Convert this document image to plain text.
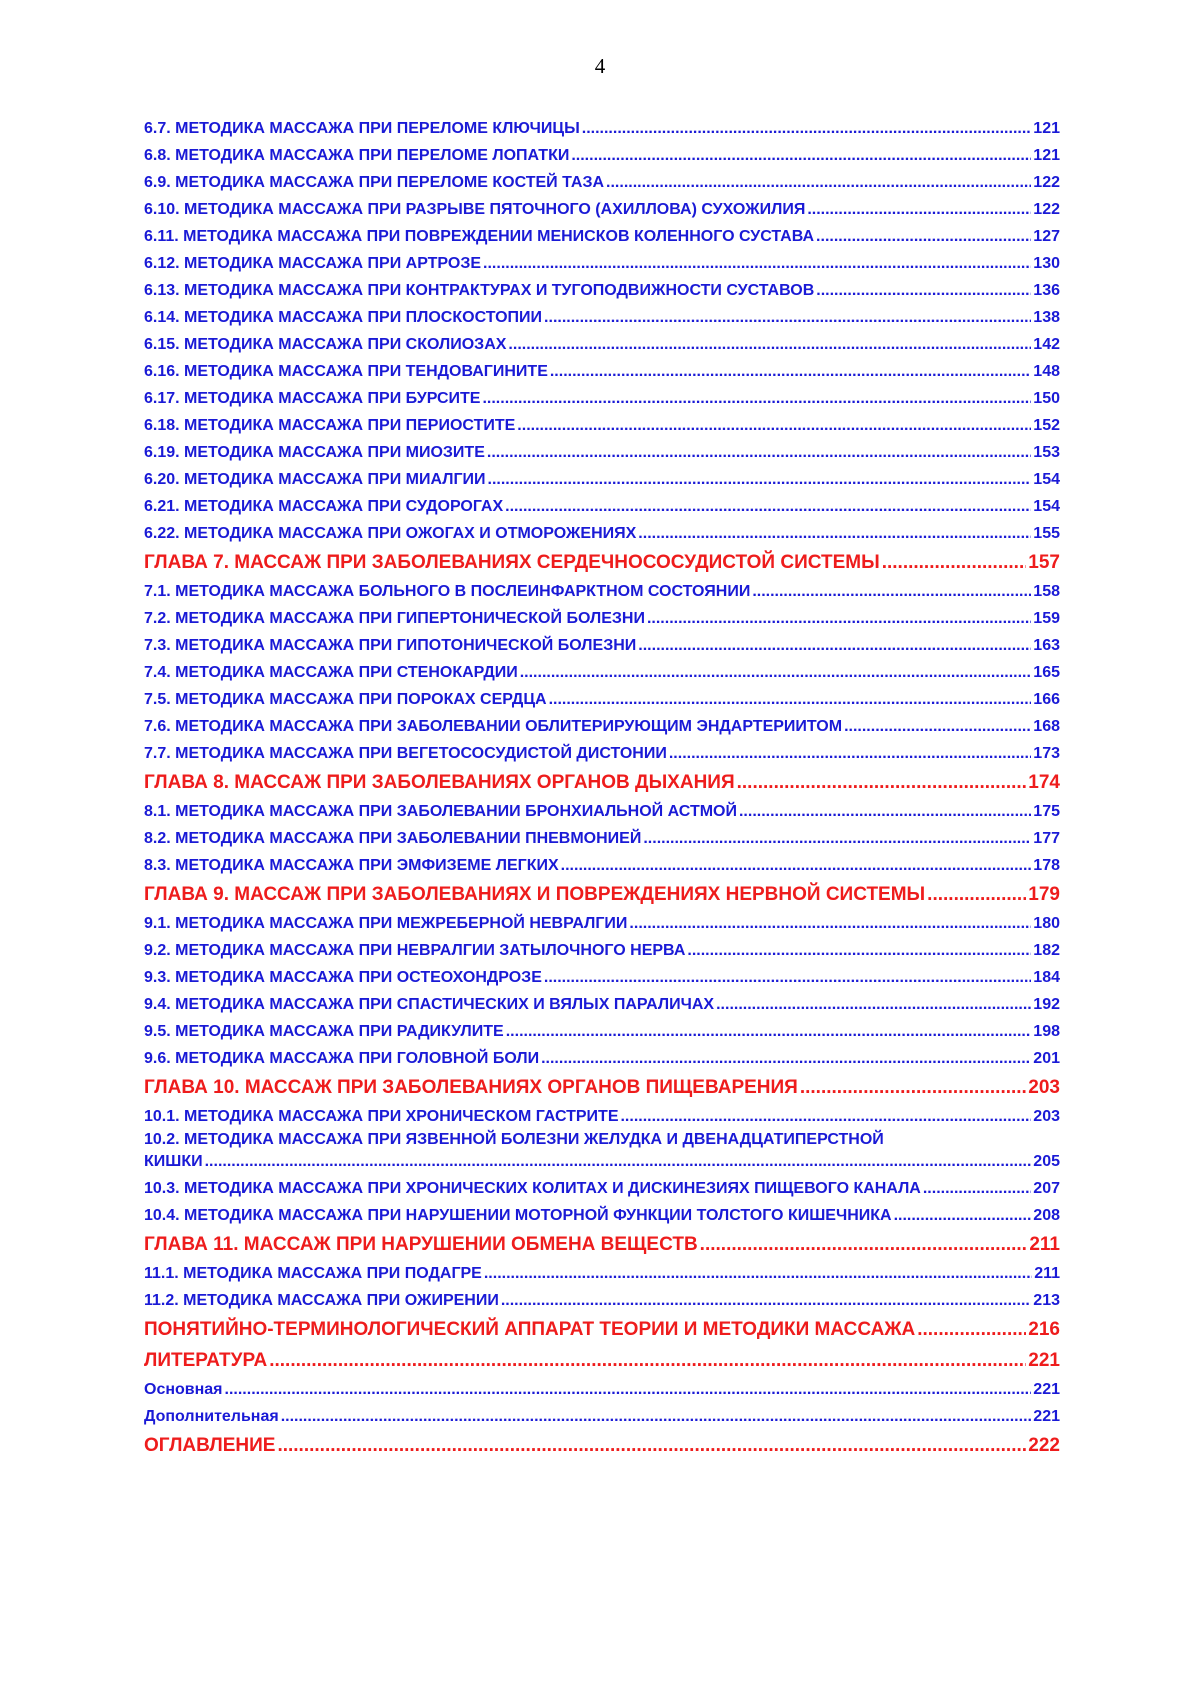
4
6.7. МЕТОДИКА МАССАЖА ПРИ ПЕРЕЛОМЕ КЛЮЧИЦЫ .....	121
6.8. МЕТОДИКА МАССАЖА ПРИ ПЕРЕЛОМЕ ЛОПАТКИ .....	121
6.9. МЕТОДИКА МАССАЖА ПРИ ПЕРЕЛОМЕ КОСТЕЙ ТАЗА .....	122
6.10. МЕТОДИКА МАССАЖА ПРИ РАЗРЫВЕ ПЯТОЧНОГО (АХИЛЛОВА) СУХОЖИЛИЯ .....	122
6.11. МЕТОДИКА МАССАЖА ПРИ ПОВРЕЖДЕНИИ МЕНИСКОВ КОЛЕННОГО СУСТАВА .....	127
6.12. МЕТОДИКА МАССАЖА ПРИ АРТРОЗЕ .....	130
6.13. МЕТОДИКА МАССАЖА ПРИ КОНТРАКТУРАХ И ТУГОПОДВИЖНОСТИ СУСТАВОВ .....	136
6.14. МЕТОДИКА МАССАЖА ПРИ ПЛОСКОСТОПИИ .....	138
6.15. МЕТОДИКА МАССАЖА ПРИ СКОЛИОЗАХ .....	142
6.16. МЕТОДИКА МАССАЖА ПРИ ТЕНДОВАГИНИТЕ .....	148
6.17. МЕТОДИКА МАССАЖА ПРИ БУРСИТЕ .....	150
6.18. МЕТОДИКА МАССАЖА ПРИ ПЕРИОСТИТЕ .....	152
6.19. МЕТОДИКА МАССАЖА ПРИ МИОЗИТЕ .....	153
6.20. МЕТОДИКА МАССАЖА ПРИ МИАЛГИИ .....	154
6.21. МЕТОДИКА МАССАЖА ПРИ СУДОРОГАХ .....	154
6.22. МЕТОДИКА МАССАЖА ПРИ ОЖОГАХ И ОТМОРОЖЕНИЯХ .....	155
ГЛАВА 7. МАССАЖ ПРИ ЗАБОЛЕВАНИЯХ СЕРДЕЧНОСОСУДИСТОЙ СИСТЕМЫ .....	157
7.1. МЕТОДИКА МАССАЖА БОЛЬНОГО В ПОСЛЕИНФАРКТНОМ СОСТОЯНИИ .....	158
7.2. МЕТОДИКА МАССАЖА ПРИ ГИПЕРТОНИЧЕСКОЙ БОЛЕЗНИ .....	159
7.3. МЕТОДИКА МАССАЖА ПРИ ГИПОТОНИЧЕСКОЙ БОЛЕЗНИ .....	163
7.4. МЕТОДИКА МАССАЖА ПРИ СТЕНОКАРДИИ .....	165
7.5. МЕТОДИКА МАССАЖА ПРИ ПОРОКАХ СЕРДЦА .....	166
7.6. МЕТОДИКА МАССАЖА ПРИ ЗАБОЛЕВАНИИ ОБЛИТЕРИРУЮЩИМ ЭНДАРТЕРИИТОМ .....	168
7.7. МЕТОДИКА МАССАЖА ПРИ ВЕГЕТОСОСУДИСТОЙ ДИСТОНИИ .....	173
ГЛАВА 8. МАССАЖ ПРИ ЗАБОЛЕВАНИЯХ ОРГАНОВ ДЫХАНИЯ .....	174
8.1. МЕТОДИКА МАССАЖА ПРИ ЗАБОЛЕВАНИИ БРОНХИАЛЬНОЙ АСТМОЙ .....	175
8.2. МЕТОДИКА МАССАЖА ПРИ ЗАБОЛЕВАНИИ ПНЕВМОНИЕЙ .....	177
8.3. МЕТОДИКА МАССАЖА ПРИ ЭМФИЗЕМЕ ЛЕГКИХ .....	178
ГЛАВА 9. МАССАЖ ПРИ ЗАБОЛЕВАНИЯХ И ПОВРЕЖДЕНИЯХ НЕРВНОЙ СИСТЕМЫ .....	179
9.1. МЕТОДИКА МАССАЖА ПРИ МЕЖРЕБЕРНОЙ НЕВРАЛГИИ .....	180
9.2. МЕТОДИКА МАССАЖА ПРИ НЕВРАЛГИИ ЗАТЫЛОЧНОГО НЕРВА .....	182
9.3. МЕТОДИКА МАССАЖА ПРИ ОСТЕОХОНДРОЗЕ .....	184
9.4. МЕТОДИКА МАССАЖА ПРИ СПАСТИЧЕСКИХ И ВЯЛЫХ ПАРАЛИЧАХ .....	192
9.5. МЕТОДИКА МАССАЖА ПРИ РАДИКУЛИТЕ .....	198
9.6. МЕТОДИКА МАССАЖА ПРИ ГОЛОВНОЙ БОЛИ .....	201
ГЛАВА 10. МАССАЖ ПРИ ЗАБОЛЕВАНИЯХ ОРГАНОВ ПИЩЕВАРЕНИЯ .....	203
10.1. МЕТОДИКА МАССАЖА ПРИ ХРОНИЧЕСКОМ ГАСТРИТЕ .....	203
10.2. МЕТОДИКА МАССАЖА ПРИ ЯЗВЕННОЙ БОЛЕЗНИ ЖЕЛУДКА И ДВЕНАДЦАТИПЕРСТНОЙ
КИШКИ .....	205
10.3. МЕТОДИКА МАССАЖА ПРИ ХРОНИЧЕСКИХ КОЛИТАХ И ДИСКИНЕЗИЯХ ПИЩЕВОГО КАНАЛА .....	207
10.4. МЕТОДИКА МАССАЖА ПРИ НАРУШЕНИИ МОТОРНОЙ ФУНКЦИИ ТОЛСТОГО КИШЕЧНИКА .....	208
ГЛАВА 11. МАССАЖ ПРИ НАРУШЕНИИ ОБМЕНА ВЕЩЕСТВ .....	211
11.1. МЕТОДИКА МАССАЖА ПРИ ПОДАГРЕ .....	211
11.2. МЕТОДИКА МАССАЖА ПРИ ОЖИРЕНИИ .....	213
ПОНЯТИЙНО-ТЕРМИНОЛОГИЧЕСКИЙ АППАРАТ ТЕОРИИ И МЕТОДИКИ МАССАЖА .....	216
ЛИТЕРАТУРА .....	221
Основная .....	221
Дополнительная .....	221
ОГЛАВЛЕНИЕ .....	222
